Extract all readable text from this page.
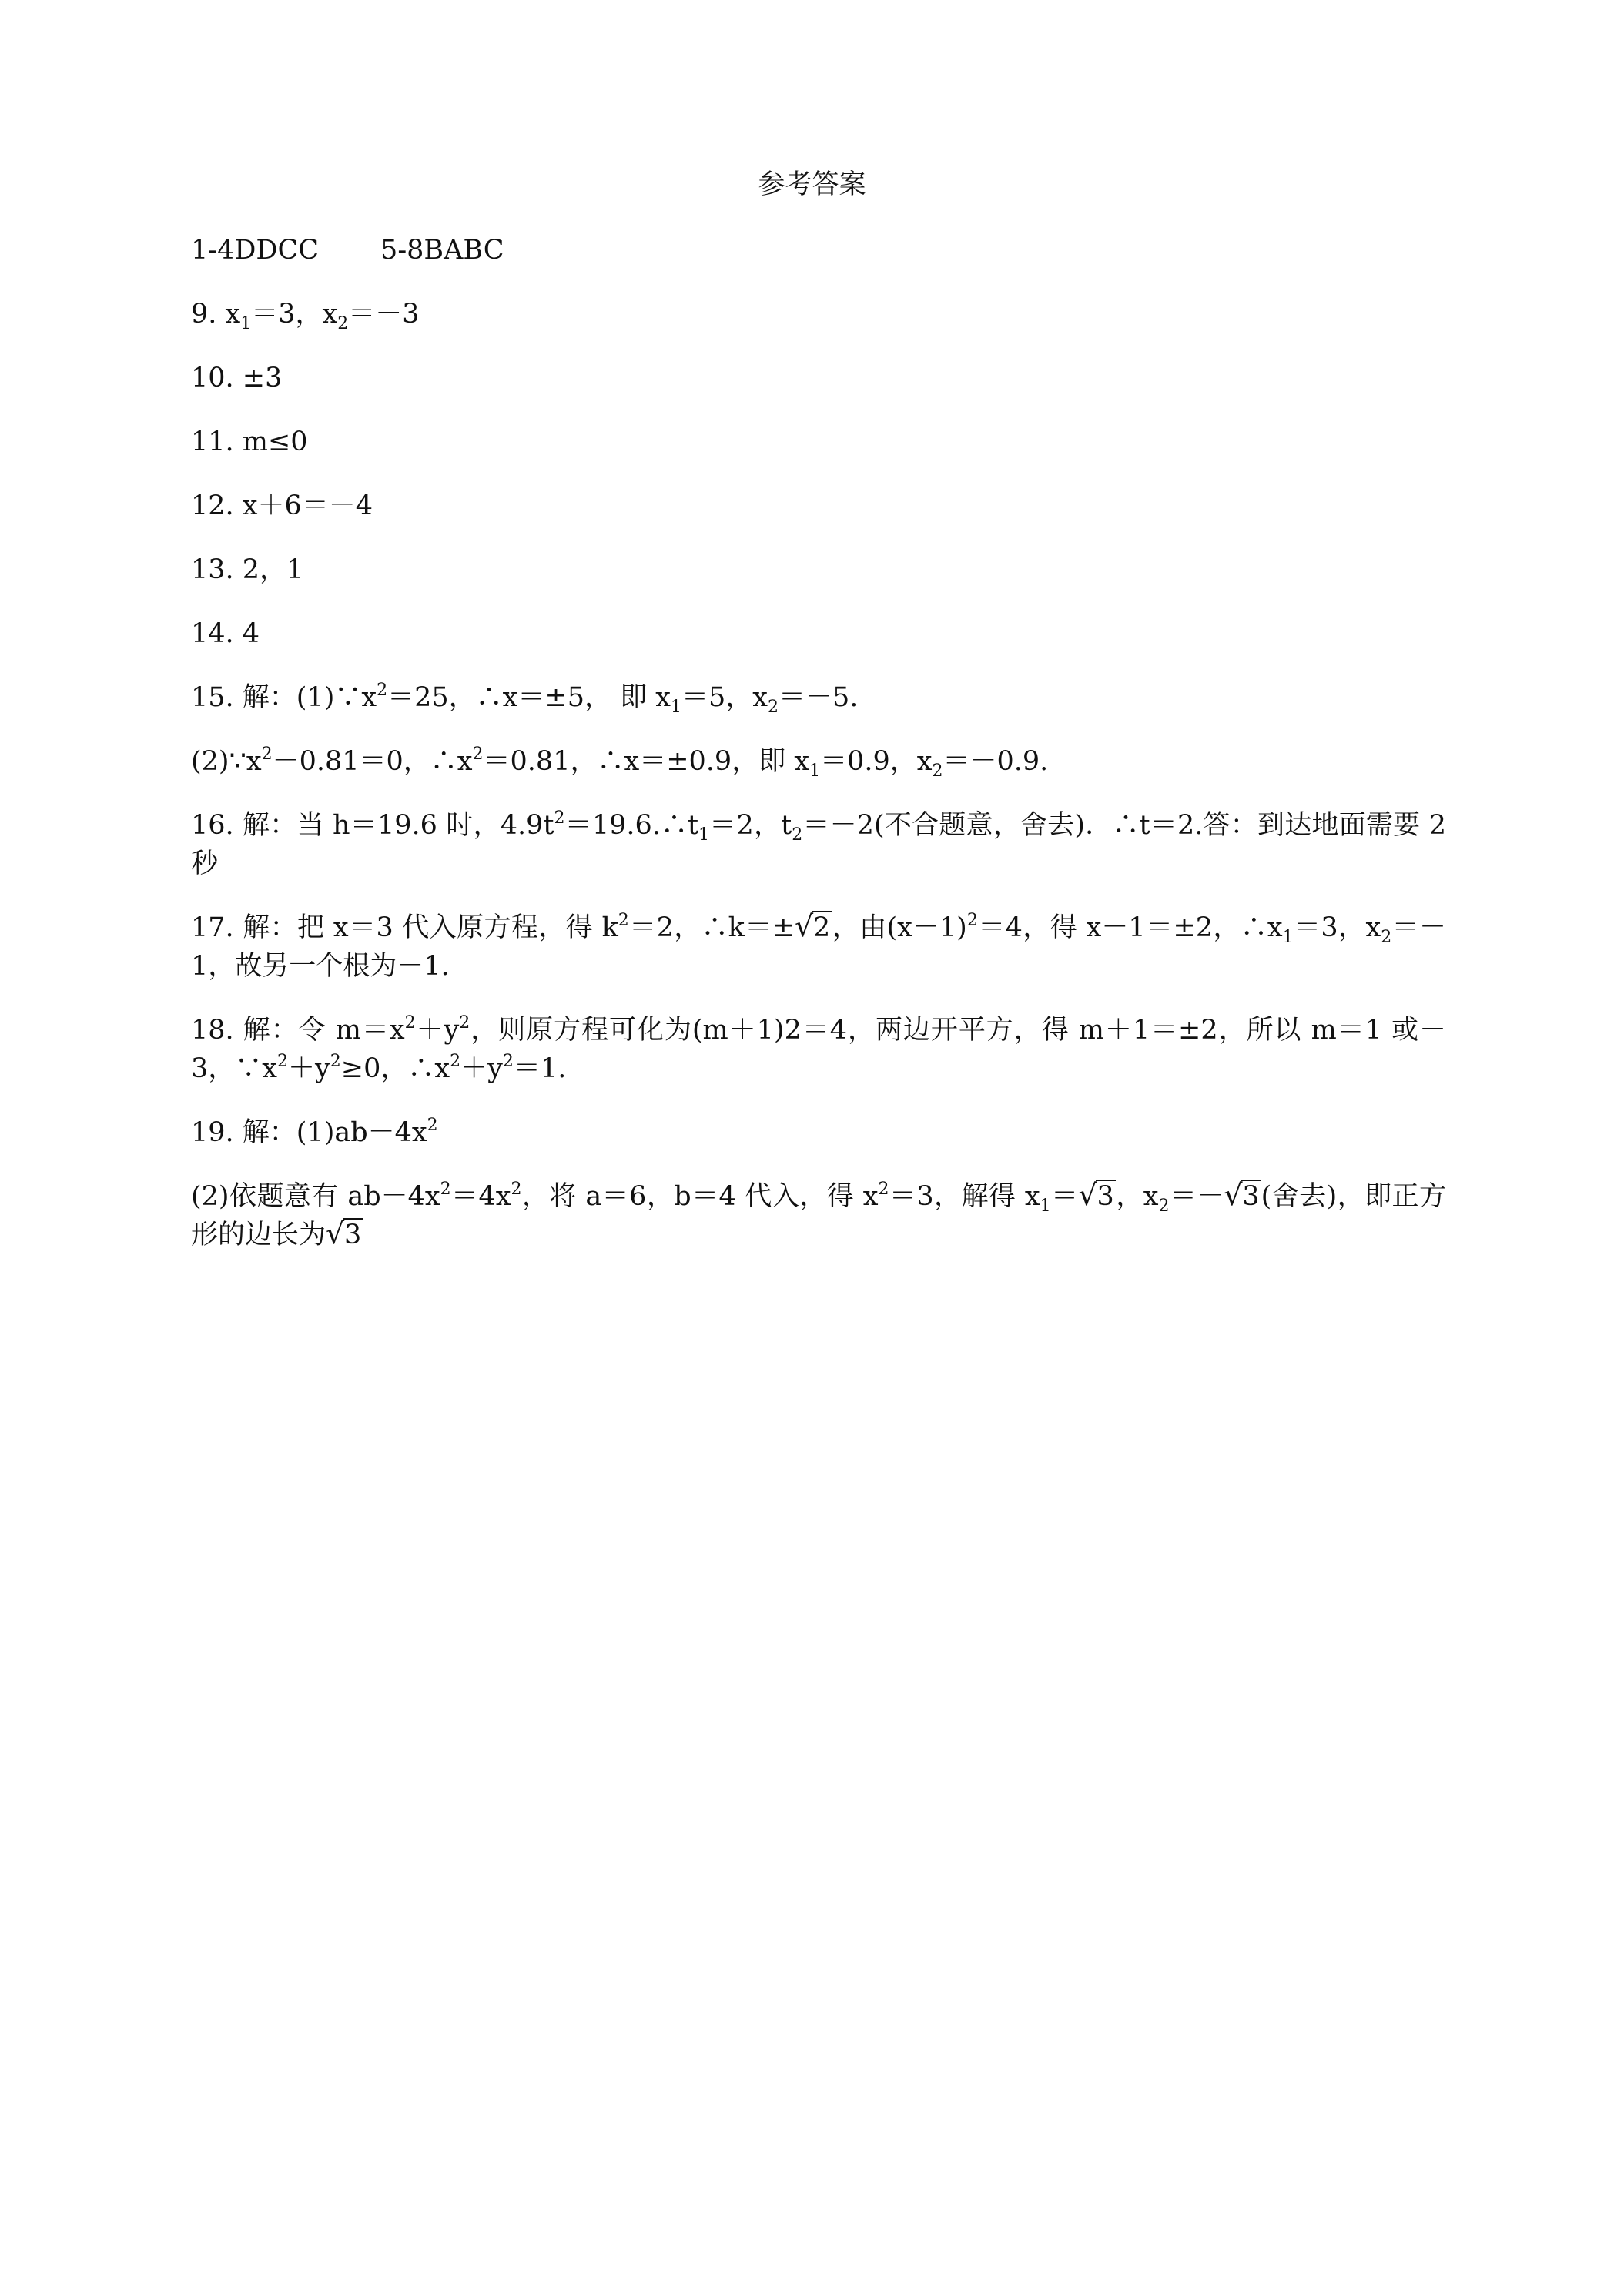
参考答案
1-4DDCC 5-8BABC
9. $x_1=3$，$x_2=-3$
10. ±3
11. m≤0
12. x＋6＝－4
13. 2，1
14. 4
15. 解：$(1)\because x^2=25$，∴x＝±5， 即 $x_1=5$，$x_2=-5$.
$(2)\because x^2-0.81=0$，$\therefore x^2=0.81$，∴x＝±0.9，即 $x_1=0.9$，$x_2=-0.9$.
16. 解：当 h＝19.6 时，$4.9t^2=19.6.\therefore t_1=2$，$t_2=-2$(不合题意，舍去)．∴t＝2.答：到达地面需要 2 秒
17. 解：把 x＝3 代入原方程，得 $k^2=2$，∴k＝±√ 2，由$(x-1)^2=4$，得 x－1＝±2，$\therefore x_1=3$，$x_2=-1$，故另一个根为－1.
18. 解：令 $m=x^2+y^2$，则原方程可化为(m＋1)2＝4，两边开平方，得 m＋1＝±2，所以 m＝1 或－3，$\because x^2+y^2\ge 0$，$\therefore x^2+y^2=1$.
19. 解：$(1)ab-4x^2$
(2)依题意有 $ab-4x^2=4x^2$，将 a＝6，b＝4 代入，得 $x^2=3$，解得 $x_1=√$ 3，$x_2=-√$ 3(舍去)，即正方形的边长为√ 3
